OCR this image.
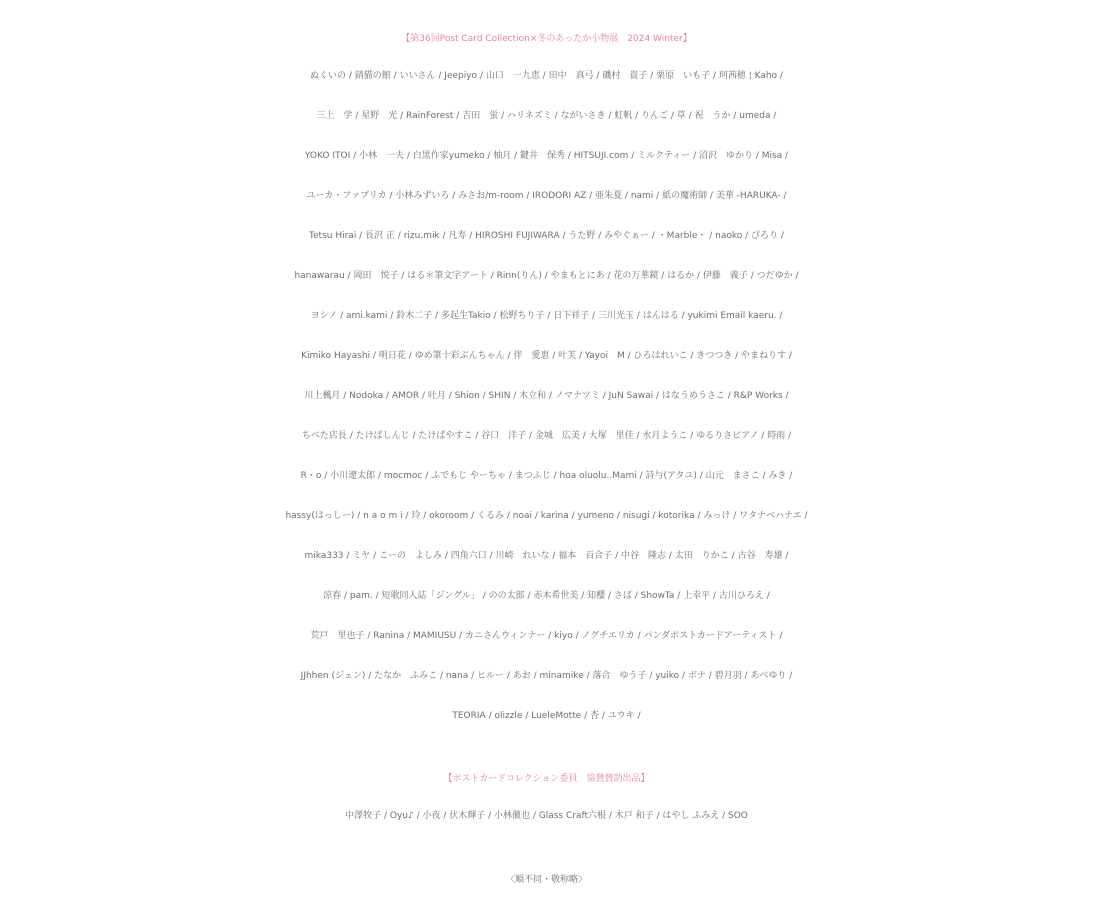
【第36回Post Card Collection×冬のあったか小物展　2024 Winter】
ぬくいの / 錆猫の館 / いいさん / Jeepiyo / 山口　一九恵 / 田中　真弓 / 磯村　貴子 / 栗原　いも子 / 珂茜穂 ¦ Kaho /
三上　学 / 星野　光 / RainForest / 吉田　蛍 / ハリネズミ / ながいさき / 虹帆 / りんご / 草 / 祝　うか / umeda /
YOKO ITOI / 小林　一夫 / 白黒作家yumeko / 柚月 / 鍵井　保秀 / HITSUJI.com / ミルクティー / 沼沢　ゆかり / Misa /
ユーカ・ファブリカ / 小林みずいろ / みさお/m-room / IRODORI AZ / 亜朱夏 / nami / 紙の魔術師 / 美華 -HARUKA- /
Tetsu Hirai / 長沢 正 / rizu.mik / 凡寿 / HIROSHI FUJIWARA / うた野 / みやぐぁー / ・Marble・ / naoko / ぴろり /
hanawarau / 岡田　悦子 / はる＊筆文字アート / Rinn(りん) / やまもとにあ / 花の万華鏡 / はるか / 伊藤　義子 / つだゆか /
ヨシノ / ami.kami / 鈴木二子 / 多起生Takio / 松野ちり子 / 日下祥子 / 三川光玉 / はんはる / yukimi Email kaeru. /
Kimiko Hayashi / 明日花 / ゆめ筆十彩ぶんちゃん / 伴　愛恵 / 叶芙 / Yayoi　M / ひろはれいこ / きつつき / やまねりす /
川上楓月 / Nodoka / AMOR / 吐月 / Shion / SHIN / 木立和 / ノマナツミ / JuN Sawai / はなうめうさこ / R&P Works /
ちべた店長 / たけばしんじ / たけばやすこ / 谷口　洋子 / 金城　広美 / 大塚　里佳 / 水月ようこ / ゆるりさピアノ / 時雨 /
R・o / 小川遼太郎 / mocmoc / ふでもじ やーちゃ / まつふじ / hoa oluolu..Mami / 詩与(アタユ) / 山元　まさこ / みき /
hassy(はっしー) / n a o m i / 玲 / okoroom / くるみ / noai / karina / yumeno / nisugi / kotorika / みっけ / ワタナベハナエ /
mika333 / ミヤ / こーの　よしみ / 四角六口 / 川崎　れいな / 福本　百合子 / 中谷　隆志 / 太田　りかこ / 古谷　寿雄 /
涼春 / pam. / 短歌同人誌「ジングル」 / のの太郎 / 赤木希世美 / 知櫻 / さば / ShowTa / 上幸平 / 古川ひろえ /
荒戸　里也子 / Ranina / MAMIUSU / カニさんウィンナー / kiyo / ノグチエリカ / パンダポストカードアーティスト /
JJhhen (ジェン) / たなか　ふみこ / nana / ヒルー / あお / minamike / 落合　ゆう子 / yuiko / ボナ / 碧月羽 / あべゆり /
TEORIA / olizzle / LueleMotte / 杏 / ユウキ /
【ポストカードコレクション委員　協賛賛助出品】
中澤牧子 / Oyu♪ / 小夜 / 伏木輝子 / 小林徹也 / Glass Craft六根 / 木戸 和子 / はやし ふみえ / SOO
〈順不同・敬称略〉
